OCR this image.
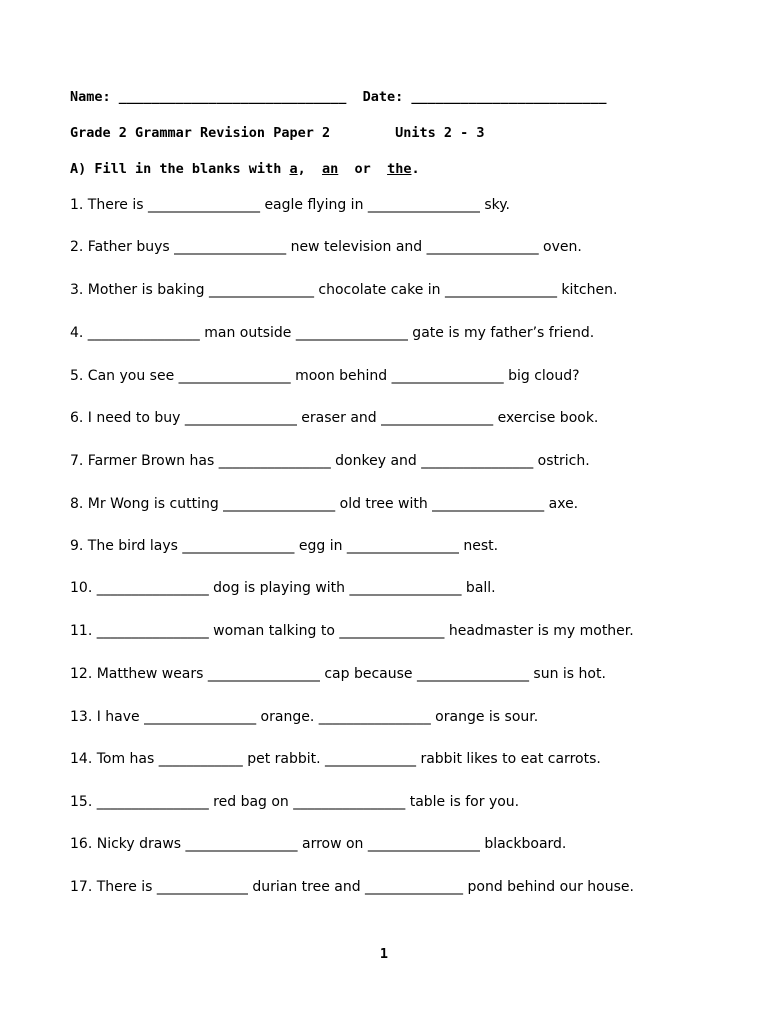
Name: ____________________________ Date: ________________________
Grade 2 Grammar Revision Paper 2	Units 2 - 3
A) Fill in the blanks with a, an or the.
1. There is ________________ eagle flying in ________________ sky.
2. Father buys ________________ new television and ________________ oven.
3. Mother is baking _______________ chocolate cake in ________________ kitchen.
4. ________________ man outside ________________ gate is my father’s friend.
5. Can you see ________________ moon behind ________________ big cloud?
6. I need to buy ________________ eraser and ________________ exercise book.
7. Farmer Brown has ________________ donkey and ________________ ostrich.
8. Mr Wong is cutting ________________ old tree with ________________ axe.
9. The bird lays ________________ egg in ________________ nest.
10. ________________ dog is playing with ________________ ball.
11. ________________ woman talking to _______________ headmaster is my mother.
12. Matthew wears ________________ cap because ________________ sun is hot.
13. I have ________________ orange. ________________ orange is sour.
14. Tom has ____________ pet rabbit. _____________ rabbit likes to eat carrots.
15. ________________ red bag on ________________ table is for you.
16. Nicky draws ________________ arrow on ________________ blackboard.
17. There is _____________ durian tree and ______________ pond behind our house.
1
